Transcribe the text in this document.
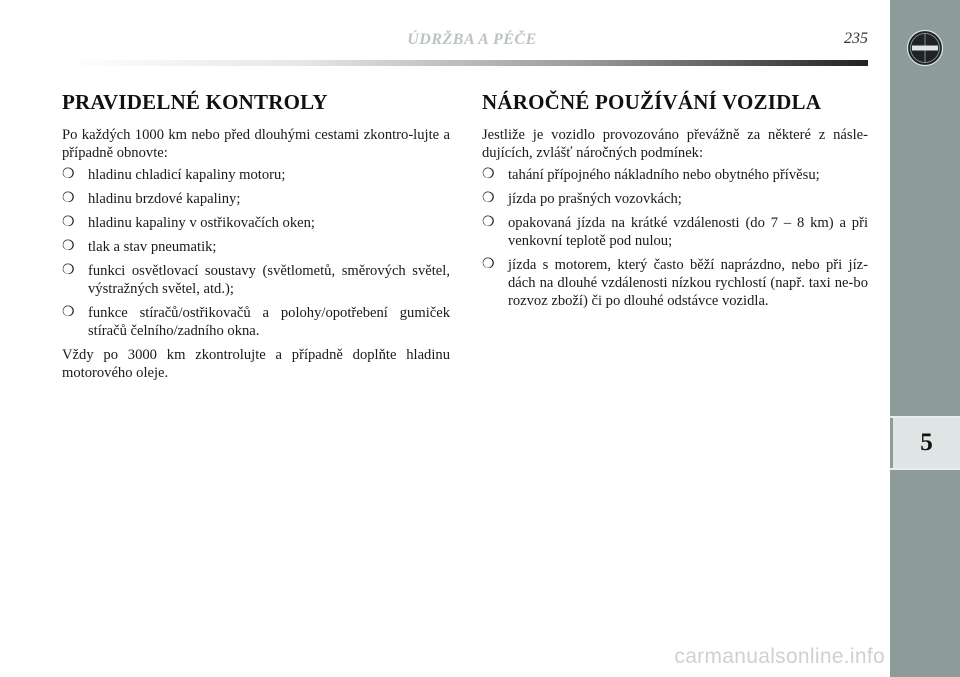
ÚDRŽBA A PÉČE	235
5
PRAVIDELNÉ KONTROLY

Po každých 1000 km nebo před dlouhými cestami zkontro-lujte a případně obnovte:

❍ hladinu chladicí kapaliny motoru;
❍ hladinu brzdové kapaliny;
❍ hladinu kapaliny v ostřikovačích oken;
❍ tlak a stav pneumatik;
❍ funkci osvětlovací soustavy (světlometů, směrových světel, výstražných světel, atd.);
❍ funkce stíračů/ostřikovačů a polohy/opotřebení gumiček stíračů čelního/zadního okna.

Vždy po 3000 km zkontrolujte a případně doplňte hladinu motorového oleje.

NÁROČNÉ POUŽÍVÁNÍ VOZIDLA

Jestliže je vozidlo provozováno převážně za některé z násle-dujících, zvlášť náročných podmínek:

❍ tahání přípojného nákladního nebo obytného přívěsu;
❍ jízda po prašných vozovkách;
❍ opakovaná jízda na krátké vzdálenosti (do 7 – 8 km) a při venkovní teplotě pod nulou;
❍ jízda s motorem, který často běží naprázdno, nebo při jíz-dách na dlouhé vzdálenosti nízkou rychlostí (např. taxi ne-bo rozvoz zboží) či po dlouhé odstávce vozidla.
carmanualsonline.info
